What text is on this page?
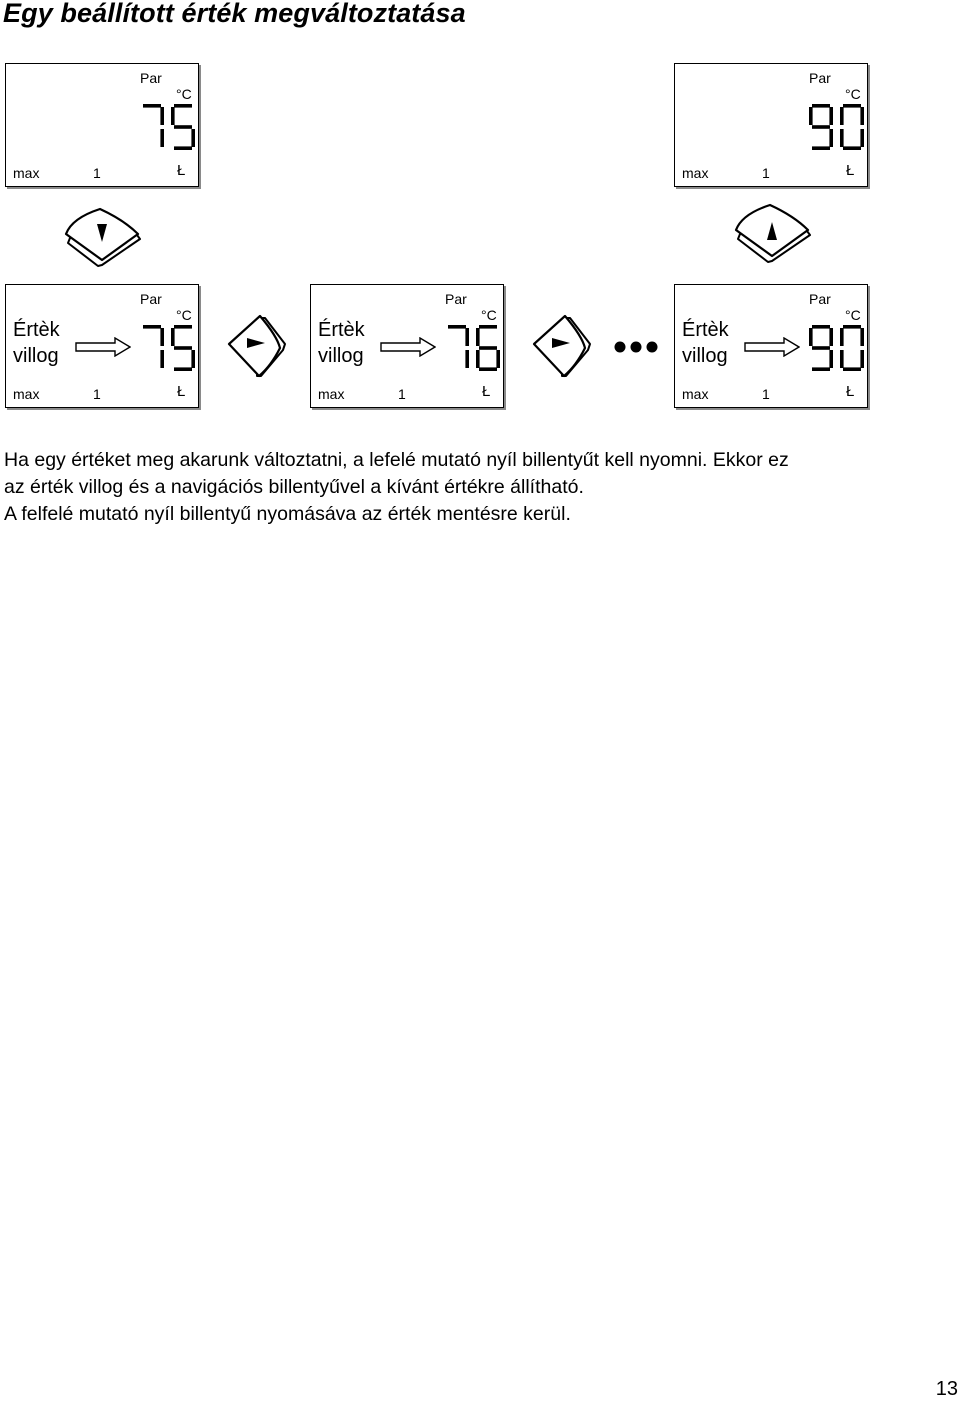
Egy beállított érték megváltoztatása
Par
°C
max	1	Ł
Par
°C
max	1	Ł
Par
°C
Értèk
villog
max	1	Ł
Par
°C
Értèk
villog
max	1	Ł
Par
°C
Értèk
villog
max	1	Ł
Ha egy értéket meg akarunk változtatni, a lefelé mutató nyíl billentyűt kell nyomni. Ekkor ez
az érték villog és a navigációs billentyűvel a kívánt értékre állítható.
A felfelé mutató nyíl billentyű nyomásáva az érték mentésre kerül.
13
